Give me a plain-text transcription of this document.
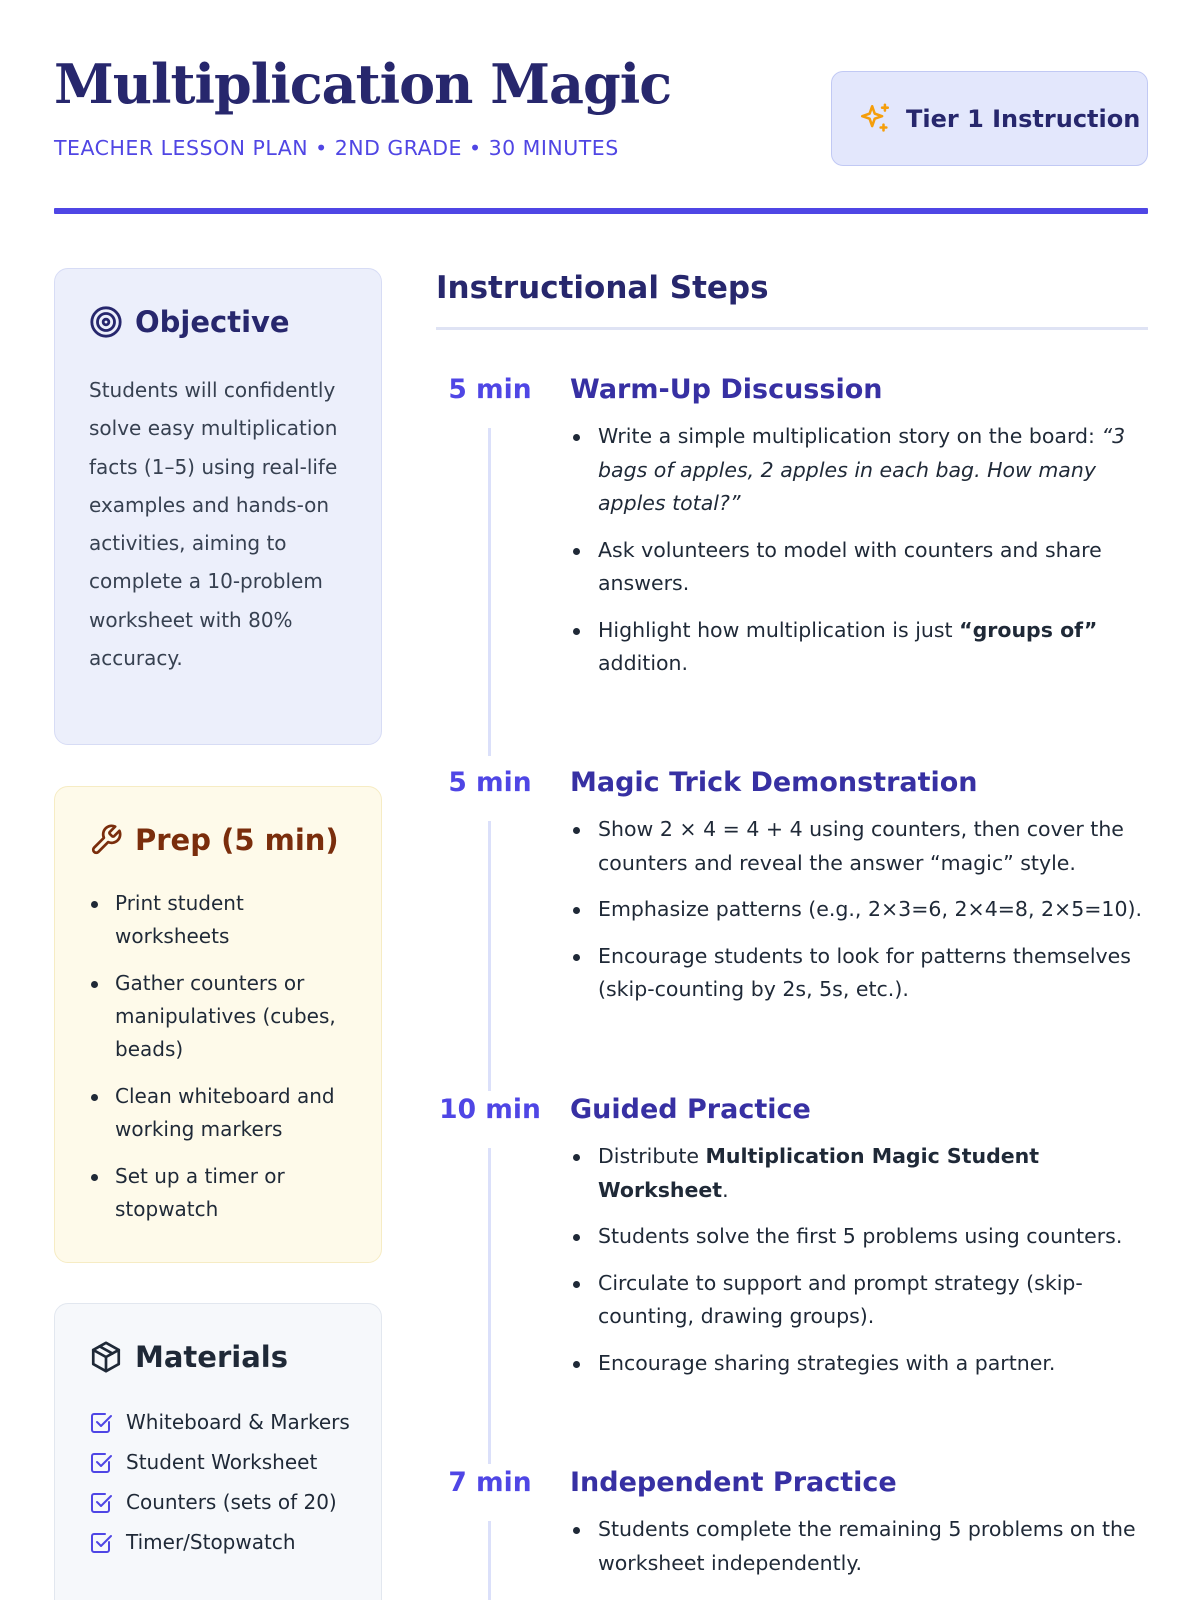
Multiplication Magic
TEACHER LESSON PLAN • 2ND GRADE • 30 MINUTES
Tier 1 Instruction
Objective

Students will confidently solve easy multiplication facts (1–5) using real-life examples and hands-on activities, aiming to complete a 10-problem worksheet with 80% accuracy.

Prep (5 min)
Print student worksheets
Gather counters or manipulatives (cubes, beads)
Clean whiteboard and working markers
Set up a timer or stopwatch
Materials
Whiteboard & Markers
Student Worksheet
Counters (sets of 20)
Timer/Stopwatch
Instructional Steps
5 min	Warm-Up Discussion
Write a simple multiplication story on the board: “3 bags of apples, 2 apples in each bag. How many apples total?”
Ask volunteers to model with counters and share answers.
Highlight how multiplication is just “groups of” addition.
5 min	Magic Trick Demonstration
Show 2 × 4 = 4 + 4 using counters, then cover the counters and reveal the answer “magic” style.
Emphasize patterns (e.g., 2×3=6, 2×4=8, 2×5=10).
Encourage students to look for patterns themselves (skip-counting by 2s, 5s, etc.).
10 min Guided Practice
Distribute Multiplication Magic Student Worksheet.
Students solve the first 5 problems using counters.
Circulate to support and prompt strategy (skip-counting, drawing groups).
Encourage sharing strategies with a partner.
7 min	Independent Practice
Students complete the remaining 5 problems on the worksheet independently.
